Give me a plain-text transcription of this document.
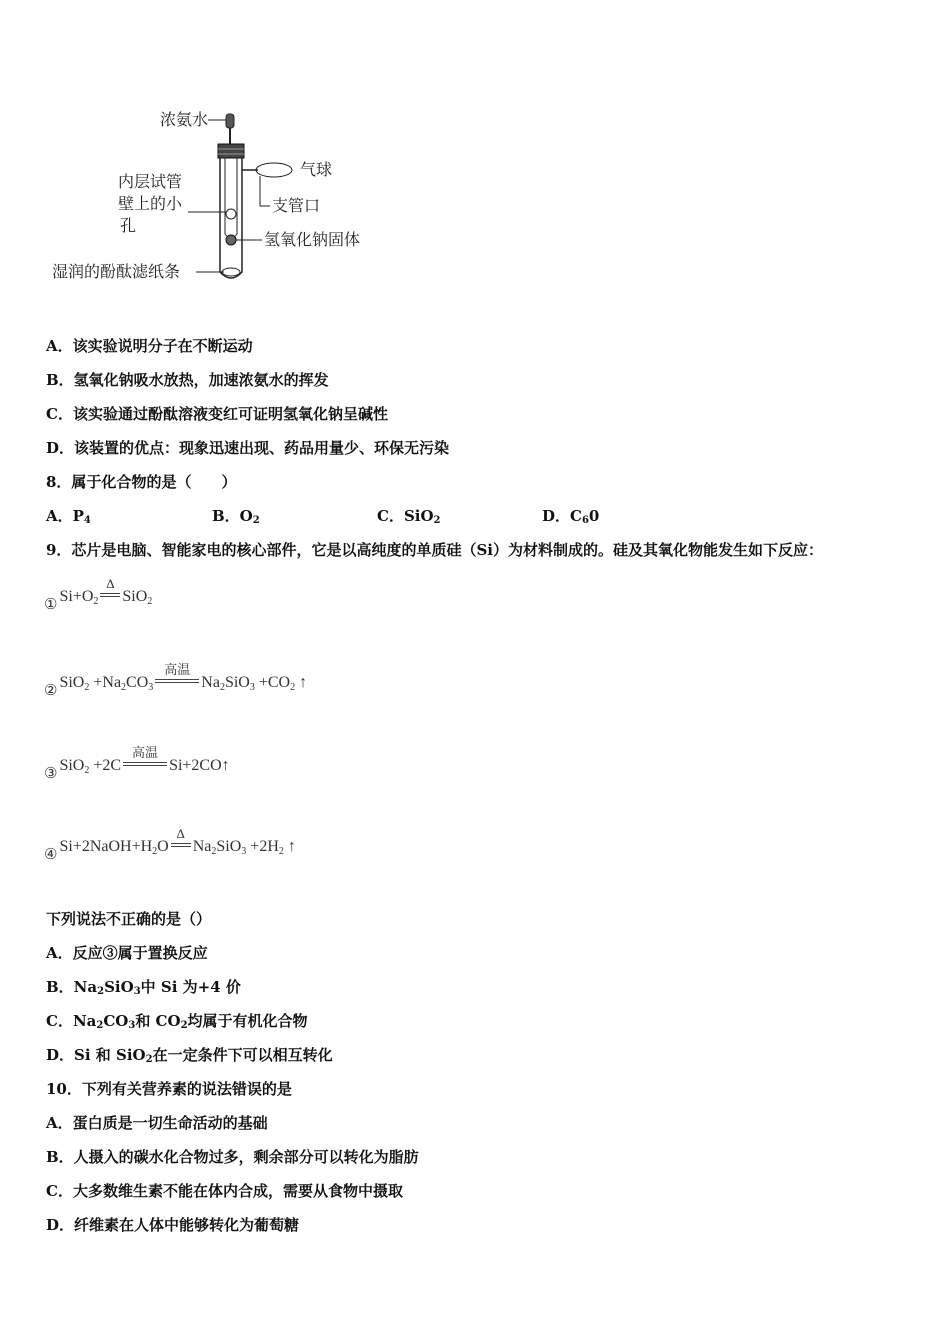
浓氨水
气球
内层试管
壁上的小
孔
支管口
氢氧化钠固体
湿润的酚酞滤纸条
A．该实验说明分子在不断运动
B．氢氧化钠吸水放热，加速浓氨水的挥发
C．该实验通过酚酞溶液变红可证明氢氧化钠呈碱性
D．该装置的优点：现象迅速出现、药品用量少、环保无污染
8．属于化合物的是（　　）
A．$P_4$	B．$O_2$	C．SiO$_2$	D．$C_60$
9．芯片是电脑、智能家电的核心部件，它是以高纯度的单质硅（Si）为材料制成的。硅及其氧化物能发生如下反应：
① $Si+O_2$
Δ
SiO$_2$
② $SiO_2 +Na_2CO_3$
高温
$Na_2SiO_3 +CO_2$ ↑
③ SiO$_2$ +2C
高温
Si+2CO↑
④ $Si+2NaOH+H_2O$
Δ
$Na_2SiO_3 +2H_2$ ↑
下列说法不正确的是（）
A．反应③属于置换反应
B．$Na_2SiO_3$中 Si 为+4 价
C．$Na_2CO_3$和 $CO_2$均属于有机化合物
D．Si 和 SiO$_2$在一定条件下可以相互转化
10．下列有关营养素的说法错误的是
A．蛋白质是一切生命活动的基础
B．人摄入的碳水化合物过多，剩余部分可以转化为脂肪
C．大多数维生素不能在体内合成，需要从食物中摄取
D．纤维素在人体中能够转化为葡萄糖
